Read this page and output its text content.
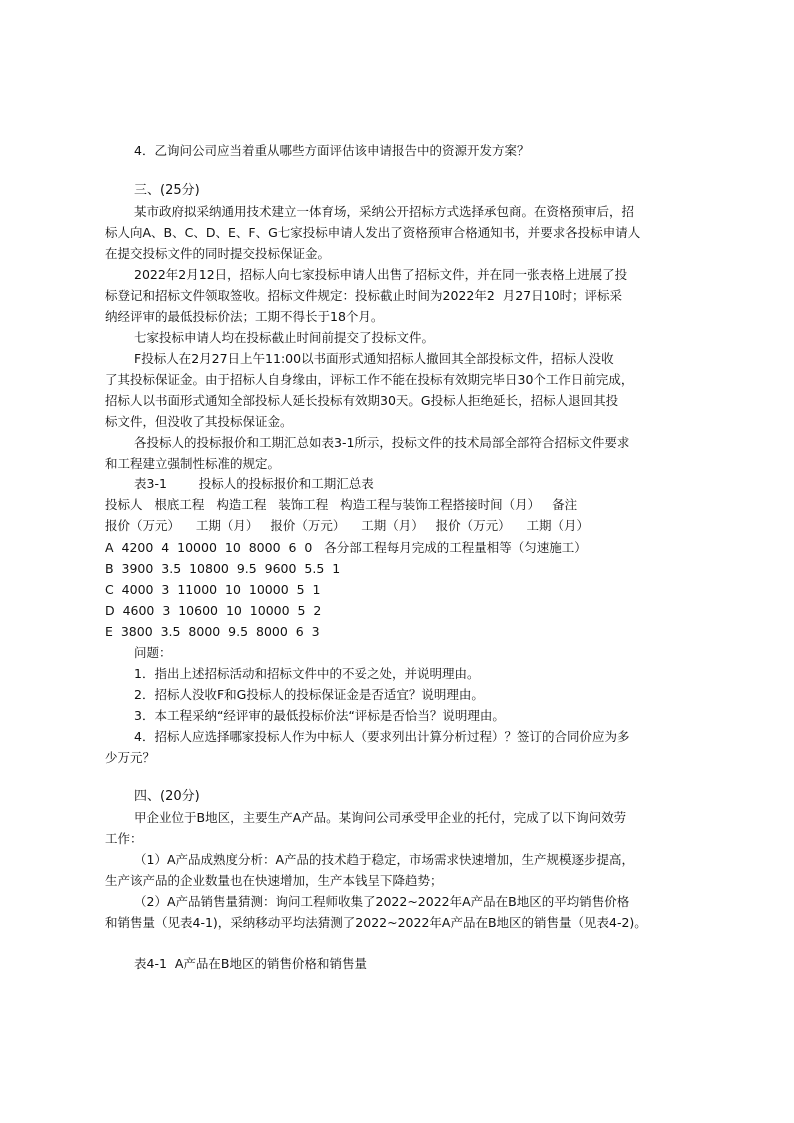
4．乙询问公司应当着重从哪些方面评估该申请报告中的资源开发方案？
三、(25分)
某市政府拟采纳通用技术建立一体育场，采纳公开招标方式选择承包商。在资格预审后，招
标人向A、B、C、D、E、F、G七家投标申请人发出了资格预审合格通知书，并要求各投标申请人
在提交投标文件的同时提交投标保证金。
2022年2月12日，招标人向七家投标申请人出售了招标文件，并在同一张表格上进展了投
标登记和招标文件领取签收。招标文件规定：投标截止时间为2022年2  月27日10时；评标采
纳经评审的最低投标价法；工期不得长于18个月。
七家投标申请人均在投标截止时间前提交了投标文件。
F投标人在2月27日上午11:00以书面形式通知招标人撤回其全部投标文件，招标人没收
了其投标保证金。由于招标人自身缘由，评标工作不能在投标有效期完毕日30个工作日前完成，
招标人以书面形式通知全部投标人延长投标有效期30天。G投标人拒绝延长，招标人退回其投
标文件，但没收了其投标保证金。
各投标人的投标报价和工期汇总如表3-1所示，投标文件的技术局部全部符合招标文件要求
和工程建立强制性标准的规定。
表3-1        投标人的投标报价和工期汇总表
投标人   根底工程   构造工程   装饰工程   构造工程与装饰工程搭接时间（月）   备注
报价（万元）    工期（月）   报价（万元）    工期（月）   报价（万元）    工期（月）
A  4200  4  10000  10  8000  6  0   各分部工程每月完成的工程量相等（匀速施工）
B  3900  3.5  10800  9.5  9600  5.5  1
C  4000  3  11000  10  10000  5  1
D  4600  3  10600  10  10000  5  2
E  3800  3.5  8000  9.5  8000  6  3
问题：
1．指出上述招标活动和招标文件中的不妥之处，并说明理由。
2．招标人没收F和G投标人的投标保证金是否适宜？说明理由。
3．本工程采纳“经评审的最低投标价法“评标是否恰当？说明理由。
4．招标人应选择哪家投标人作为中标人（要求列出计算分析过程）？签订的合同价应为多
少万元？
四、(20分)
甲企业位于B地区，主要生产A产品。某询问公司承受甲企业的托付，完成了以下询问效劳
工作：
（1）A产品成熟度分析：A产品的技术趋于稳定，市场需求快速增加，生产规模逐步提高，
生产该产品的企业数量也在快速增加，生产本钱呈下降趋势；
（2）A产品销售量猜测：询问工程师收集了2022~2022年A产品在B地区的平均销售价格
和销售量（见表4-1)，采纳移动平均法猜测了2022~2022年A产品在B地区的销售量（见表4-2)。
表4-1  A产品在B地区的销售价格和销售量
